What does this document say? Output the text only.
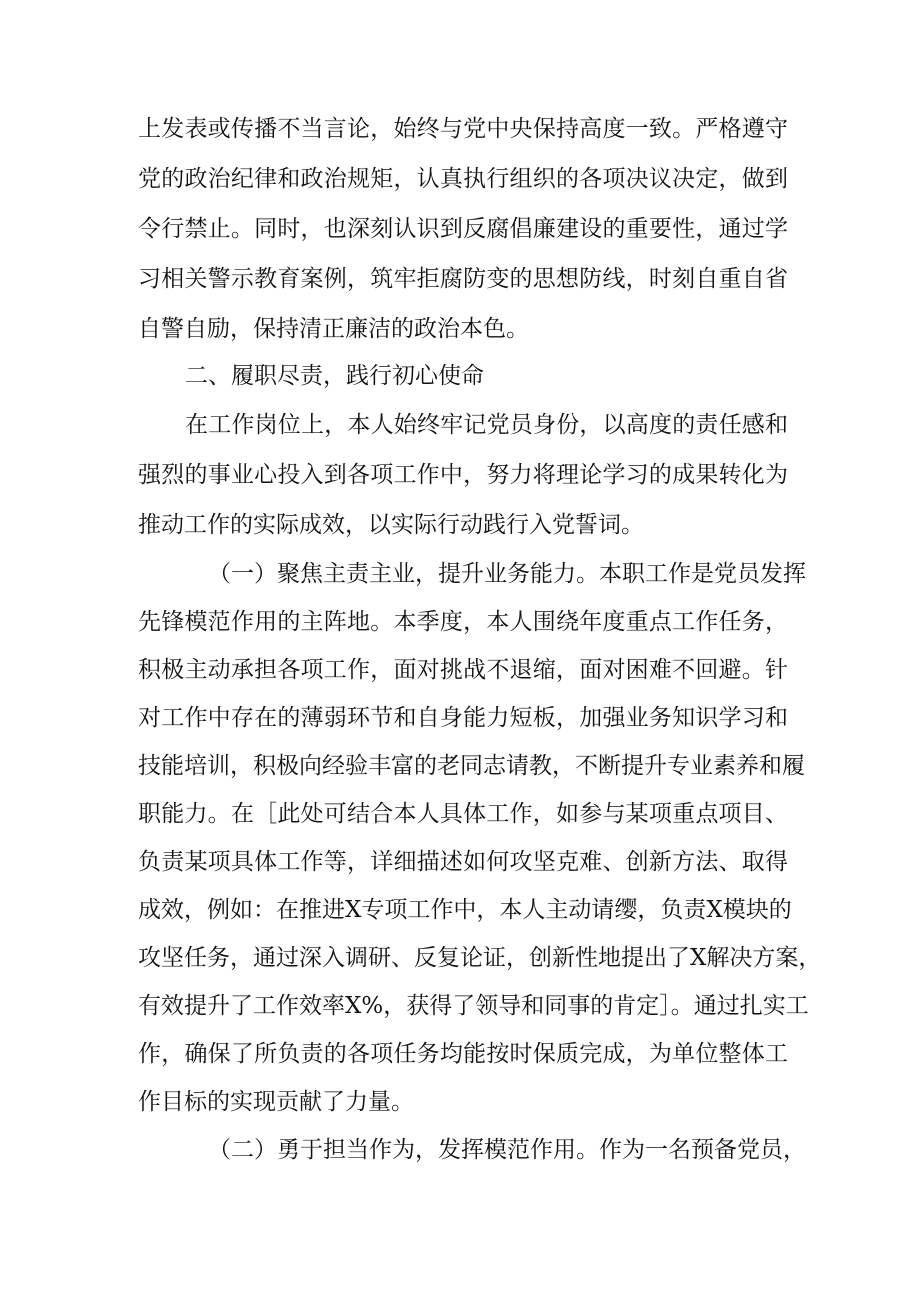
上发表或传播不当言论，始终与党中央保持高度一致。严格遵守
党的政治纪律和政治规矩，认真执行组织的各项决议决定，做到
令行禁止。同时，也深刻认识到反腐倡廉建设的重要性，通过学
习相关警示教育案例，筑牢拒腐防变的思想防线，时刻自重自省
自警自励，保持清正廉洁的政治本色。
二、履职尽责，践行初心使命
在工作岗位上，本人始终牢记党员身份，以高度的责任感和
强烈的事业心投入到各项工作中，努力将理论学习的成果转化为
推动工作的实际成效，以实际行动践行入党誓词。
（一）聚焦主责主业，提升业务能力。本职工作是党员发挥
先锋模范作用的主阵地。本季度，本人围绕年度重点工作任务，
积极主动承担各项工作，面对挑战不退缩，面对困难不回避。针
对工作中存在的薄弱环节和自身能力短板，加强业务知识学习和
技能培训，积极向经验丰富的老同志请教，不断提升专业素养和履
职能力。在［此处可结合本人具体工作，如参与某项重点项目、
负责某项具体工作等，详细描述如何攻坚克难、创新方法、取得
成效，例如：在推进X专项工作中，本人主动请缨，负责X模块的
攻坚任务，通过深入调研、反复论证，创新性地提出了X解决方案，
有效提升了工作效率X%，获得了领导和同事的肯定］。通过扎实工
作，确保了所负责的各项任务均能按时保质完成，为单位整体工
作目标的实现贡献了力量。
（二）勇于担当作为，发挥模范作用。作为一名预备党员，
